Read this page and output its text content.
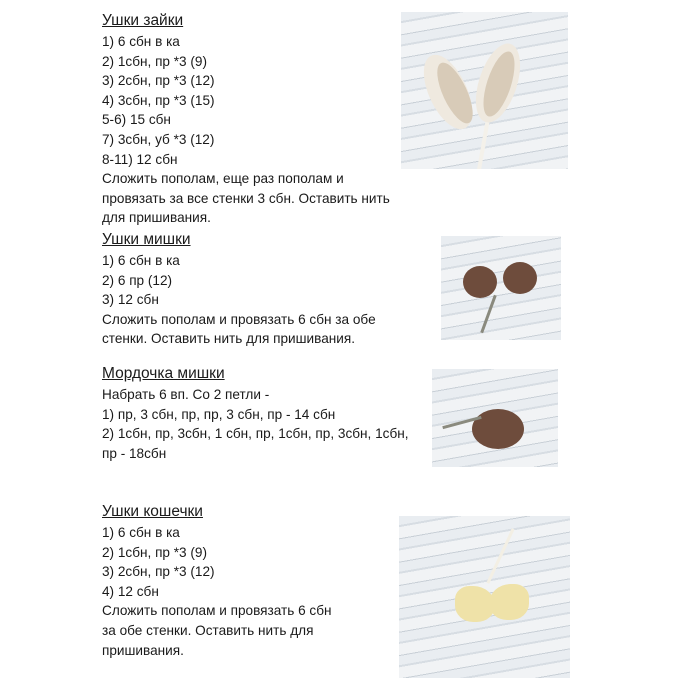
Ушки зайки
1) 6 сбн в ка
2) 1сбн, пр *3 (9)
3) 2сбн, пр *3 (12)
4) 3сбн, пр *3 (15)
5-6) 15 сбн
7) 3сбн, уб *3 (12)
8-11) 12 сбн
Сложить пополам, еще раз пополам и
провязать за все стенки 3 сбн. Оставить нить
для пришивания.
Ушки мишки
1) 6 сбн в ка
2) 6 пр (12)
3) 12 сбн
Сложить пополам и провязать 6 сбн за обе
стенки. Оставить нить для пришивания.
Мордочка мишки
Набрать 6 вп. Со 2 петли -
1) пр, 3 сбн, пр, пр, 3 сбн, пр - 14 сбн
2) 1сбн, пр, 3сбн, 1 сбн, пр, 1сбн, пр, 3сбн, 1сбн,
пр - 18сбн
Ушки кошечки
1) 6 сбн в ка
2) 1сбн, пр *3 (9)
3) 2сбн, пр *3 (12)
4) 12 сбн
Сложить пополам и провязать 6 сбн
за обе стенки. Оставить нить для
пришивания.
